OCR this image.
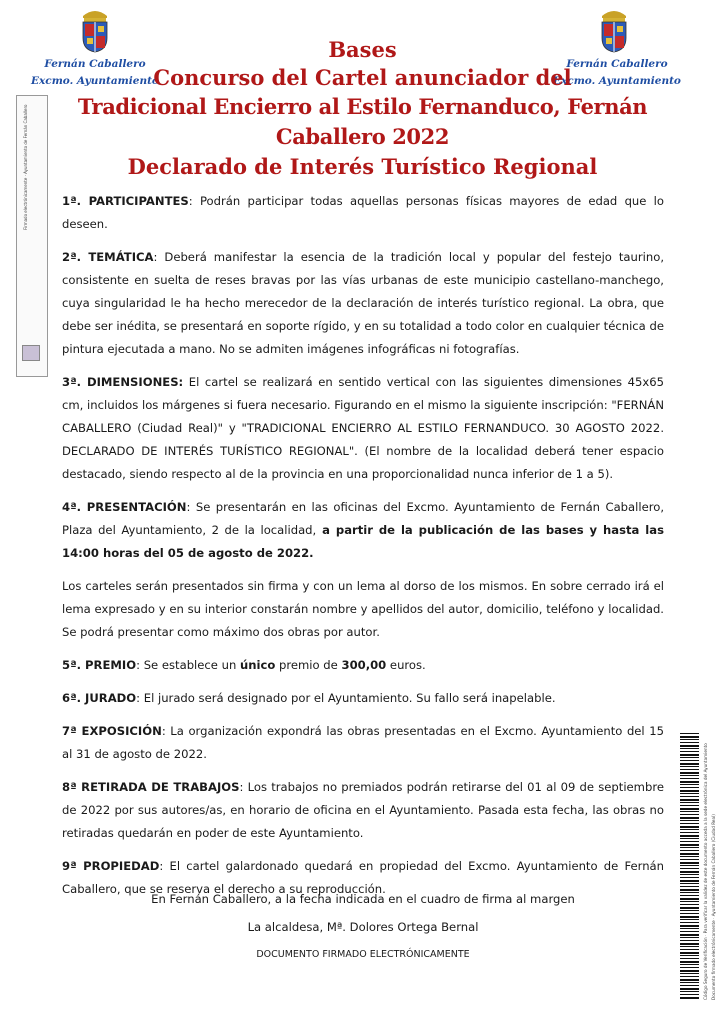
Fernán Caballero
Excmo. Ayuntamiento
Fernán Caballero
Excmo. Ayuntamiento
Bases
Concurso del Cartel anunciador del
Tradicional Encierro al Estilo Fernanduco, Fernán Caballero 2022
Declarado de Interés Turístico Regional
Firmado electrónicamente · Ayuntamiento de Fernán Caballero	1ª. PARTICIPANTES: Podrán participar todas aquellas personas físicas mayores de edad que lo deseen.

2ª. TEMÁTICA: Deberá manifestar la esencia de la tradición local y popular del festejo taurino, consistente en suelta de reses bravas por las vías urbanas de este municipio castellano-manchego, cuya singularidad le ha hecho merecedor de la declaración de interés turístico regional. La obra, que debe ser inédita, se presentará en soporte rígido, y en su totalidad a todo color en cualquier técnica de pintura ejecutada a mano. No se admiten imágenes infográficas ni fotografías.

3ª. DIMENSIONES: El cartel se realizará en sentido vertical con las siguientes dimensiones 45x65 cm, incluidos los márgenes si fuera necesario. Figurando en el mismo la siguiente inscripción: "FERNÁN CABALLERO (Ciudad Real)" y "TRADICIONAL ENCIERRO AL ESTILO FERNANDUCO. 30 AGOSTO 2022. DECLARADO DE INTERÉS TURÍSTICO REGIONAL". (El nombre de la localidad deberá tener espacio destacado, siendo respecto al de la provincia en una proporcionalidad nunca inferior de 1 a 5).

4ª. PRESENTACIÓN: Se presentarán en las oficinas del Excmo. Ayuntamiento de Fernán Caballero, Plaza del Ayuntamiento, 2 de la localidad, a partir de la publicación de las bases y hasta las 14:00 horas del 05 de agosto de 2022.

Los carteles serán presentados sin firma y con un lema al dorso de los mismos. En sobre cerrado irá el lema expresado y en su interior constarán nombre y apellidos del autor, domicilio, teléfono y localidad. Se podrá presentar como máximo dos obras por autor.

5ª. PREMIO: Se establece un único premio de 300,00 euros.

6ª. JURADO: El jurado será designado por el Ayuntamiento. Su fallo será inapelable.

7ª EXPOSICIÓN: La organización expondrá las obras presentadas en el Excmo. Ayuntamiento del 15 al 31 de agosto de 2022.

8ª RETIRADA DE TRABAJOS: Los trabajos no premiados podrán retirarse del 01 al 09 de septiembre de 2022 por sus autores/as, en horario de oficina en el Ayuntamiento. Pasada esta fecha, las obras no retiradas quedarán en poder de este Ayuntamiento.

9ª PROPIEDAD: El cartel galardonado quedará en propiedad del Excmo. Ayuntamiento de Fernán Caballero, que se reserva el derecho a su reproducción.

En Fernán Caballero, a la fecha indicada en el cuadro de firma al margen
La alcaldesa, Mª. Dolores Ortega Bernal
DOCUMENTO FIRMADO ELECTRÓNICAMENTE	Código Seguro de Verificación · Para verificar la validez de este documento acceda a la sede electrónica del Ayuntamiento Documento firmado electrónicamente · Ayuntamiento de Fernán Caballero (Ciudad Real)
